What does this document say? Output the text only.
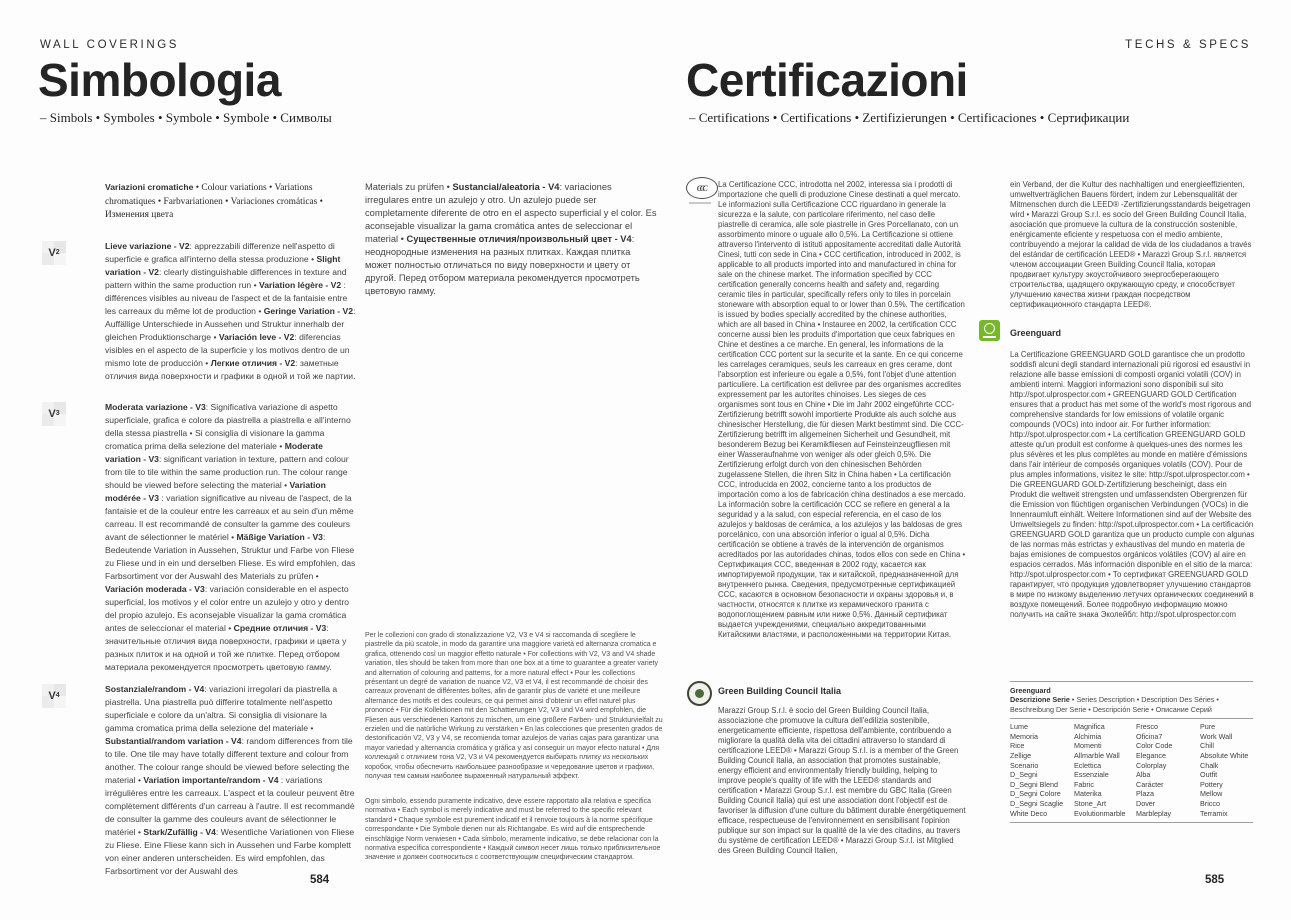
WALL COVERINGS
Simbologia
– Simbols • Symboles • Symbole • Symbole • Символы
Variazioni cromatiche • Colour variations • Variations chromatiques • Farbvariationen • Variaciones cromáticas • Изменения цвета
V 2
Lieve variazione - V2: apprezzabili differenze nell'aspetto di superficie e grafica all'interno della stessa produzione • Slight variation - V2: clearly distinguishable differences in texture and pattern within the same production run • Variation légère - V2 : différences visibles au niveau de l'aspect et de la fantaisie entre les carreaux du même lot de production • Geringe Variation - V2: Auffällige Unterschiede in Aussehen und Struktur innerhalb der gleichen Produktionscharge • Variación leve - V2: diferencias visibles en el aspecto de la superficie y los motivos dentro de un mismo lote de producción • Легкие отличия - V2: заметные отличия вида поверхности и графики в одной и той же партии.
V 3
Moderata variazione - V3: Significativa variazione di aspetto superficiale, grafica e colore da piastrella a piastrella e all'interno della stessa piastrella • Si consiglia di visionare la gamma cromatica prima della selezione del materiale • Moderate variation - V3: significant variation in texture, pattern and colour from tile to tile within the same production run. The colour range should be viewed before selecting the material • Variation modérée - V3 : variation significative au niveau de l'aspect, de la fantaisie et de la couleur entre les carreaux et au sein d'un même carreau. Il est recommandé de consulter la gamme des couleurs avant de sélectionner le matériel • Mäßige Variation - V3: Bedeutende Variation in Aussehen, Struktur und Farbe von Fliese zu Fliese und in ein und derselben Fliese. Es wird empfohlen, das Farbsortiment vor der Auswahl des Materials zu prüfen • Variación moderada - V3: variación considerable en el aspecto superficial, los motivos y el color entre un azulejo y otro y dentro del propio azulejo. Es aconsejable visualizar la gama cromática antes de seleccionar el material • Средние отличия - V3: значительные отличия вида поверхности, графики и цвета у разных плиток и на одной и той же плитке. Перед отбором материала рекомендуется просмотреть цветовую гамму.
V 4
Sostanziale/random - V4: variazioni irregolari da piastrella a piastrella. Una piastrella può differire totalmente nell'aspetto superficiale e colore da un'altra. Si consiglia di visionare la gamma cromatica prima della selezione del materiale • Substantial/random variation - V4: random differences from tile to tile. One tile may have totally different texture and colour from another. The colour range should be viewed before selecting the material • Variation importante/random - V4 : variations irrégulières entre les carreaux. L'aspect et la couleur peuvent être complètement différents d'un carreau à l'autre. Il est recommandé de consulter la gamme des couleurs avant de sélectionner le matériel • Stark/Zufällig - V4: Wesentliche Variationen von Fliese zu Fliese. Eine Fliese kann sich in Aussehen und Farbe komplett von einer anderen unterscheiden. Es wird empfohlen, das Farbsortiment vor der Auswahl des
Materials zu prüfen • Sustancial/aleatoria - V4: variaciones irregulares entre un azulejo y otro. Un azulejo puede ser completamente diferente de otro en el aspecto superficial y el color. Es aconsejable visualizar la gama cromática antes de seleccionar el material • Существенные отличия/произвольный цвет - V4: неоднородные изменения на разных плитках. Каждая плитка может полностью отличаться по виду поверхности и цвету от другой. Перед отбором материала рекомендуется просмотреть цветовую гамму.
Per le collezioni con grado di stonalizzazione V2, V3 e V4 si raccomanda di scegliere le piastrelle da più scatole, in modo da garantire una maggiore varietà ed alternanza cromatica e grafica, ottenendo così un maggior effetto naturale • For collections with V2, V3 and V4 shade variation, tiles should be taken from more than one box at a time to guarantee a greater variety and alternation of colouring and patterns, for a more natural effect • Pour les collections présentant un degré de variation de nuance V2, V3 et V4, il est recommandé de choisir des carreaux provenant de différentes boîtes, afin de garantir plus de variété et une meilleure alternance des motifs et des couleurs, ce qui permet ainsi d'obtenir un effet naturel plus prononcé • Für die Kollektionen mit den Schattierungen V2, V3 und V4 wird empfohlen, die Fliesen aus verschiedenen Kartons zu mischen, um eine größere Farben- und Strukturvielfalt zu erzielen und die natürliche Wirkung zu verstärken • En las colecciones que presenten grados de destonificación V2, V3 y V4, se recomienda tomar azulejos de varias cajas para garantizar una mayor variedad y alternancia cromática y gráfica y así conseguir un mayor efecto natural • Для коллекций с отличием тона V2, V3 и V4 рекомендуется выбирать плитку из нескольких коробок, чтобы обеспечить наибольшее разнообразие и чередование цветов и графики, получая тем самым наиболее выраженный натуральный эффект.
Ogni simbolo, essendo puramente indicativo, deve essere rapportato alla relativa e specifica normativa • Each symbol is merely indicative and must be referred to the specific relevant standard • Chaque symbole est purement indicatif et il renvoie toujours à la norme spécifique correspondante • Die Symbole dienen nur als Richtangabe. Es wird auf die entsprechende einschlägige Norm verwiesen • Cada símbolo, meramente indicativo, se debe relacionar con la normativa específica correspondiente • Каждый символ несет лишь только приблизительное значение и должен соотноситься с соответствующим специфическим стандартом.
584
TECHS & SPECS
Certificazioni
– Certifications • Certifications • Zertifizierungen • Certificaciones • Сертификации
CCC La Certificazione CCC, introdotta nel 2002, interessa sia i prodotti di importazione che quelli di produzione Cinese destinati a quel mercato. Le informazioni sulla Certificazione CCC riguardano in generale la sicurezza e la salute, con particolare riferimento, nel caso delle piastrelle di ceramica, alle sole piastrelle in Gres Porcellanato, con un assorbimento minore o uguale allo 0,5%. La Certificazione si ottiene attraverso l'intervento di istituti appositamente accreditati dalle Autorità Cinesi, tutti con sede in Cina • CCC certification, introduced in 2002, is applicable to all products imported into and manufactured in china for sale on the chinese market. The information specified by CCC certification generally concerns health and safety and, regarding ceramic tiles in particular, specifically refers only to tiles in porcelain stoneware with absorption equal to or lower than 0.5%. The certification is issued by bodies specially accredited by the chinese authorities, which are all based in China • Instauree en 2002, la certification CCC concerne aussi bien les produits d'importation que ceux fabriques en Chine et destines a ce marche. En general, les informations de la certification CCC portent sur la securite et la sante. En ce qui concerne les carrelages ceramiques, seuls les carreaux en gres cerame, dont l'absorption est inferieure ou egale a 0,5%, font l'objet d'une attention particuliere. La certification est delivree par des organismes accredites expressement par les autorites chinoises. Les sieges de ces organismes sont tous en Chine • Die im Jahr 2002 eingeführte CCC-Zertifizierung betrifft sowohl importierte Produkte als auch solche aus chinesischer Herstellung, die für diesen Markt bestimmt sind. Die CCC-Zertifizierung betrifft im allgemeinen Sicherheit und Gesundheit, mit besonderem Bezug bei Keramikfliesen auf Feinsteinzeugfliesen mit einer Wasseraufnahme von weniger als oder gleich 0,5%. Die Zertifizierung erfolgt durch von den chinesischen Behörden zugelassene Stellen, die ihren Sitz in China haben • La certificación CCC, introducida en 2002, concierne tanto a los productos de importación como a los de fabricación china destinados a ese mercado. La información sobre la certificación CCC se refiere en general a la seguridad y a la salud, con especial referencia, en el caso de los azulejos y baldosas de cerámica, a los azulejos y las baldosas de gres porcelánico, con una absorción inferior o igual al 0,5%. Dicha certificación se obtiene a través de la intervención de organismos acreditados por las autoridades chinas, todos ellos con sede en China • Сертификация ССС, введенная в 2002 году, касается как импортируемой продукции, так и китайской, предназначенной для внутреннего рынка. Сведения, предусмотренные сертификацией ССС, касаются в основном безопасности и охраны здоровья и, в частности, относятся к плитке из керамического гранита с водопоглощением равным или ниже 0,5%. Данный сертификат выдается учреждениями, специально аккредитованными Китайскими властями, и расположенными на территории Китая.
Green Building Council Italia
Marazzi Group S.r.l. è socio del Green Building Council Italia, associazione che promuove la cultura dell'edilizia sostenibile, energeticamente efficiente, rispettosa dell'ambiente, contribuendo a migliorare la qualità della vita dei cittadini attraverso lo standard di certificazione LEED® • Marazzi Group S.r.l. is a member of the Green Building Council Italia, an association that promotes sustainable, energy efficient and environmentally friendly building, helping to improve people's quality of life with the LEED® standards and certification • Marazzi Group S.r.l. est membre du GBC Italia (Green Building Council Italia) qui est une association dont l'objectif est de favoriser la diffusion d'une culture du bâtiment durable énergétiquement efficace, respectueuse de l'environnement en sensibilisant l'opinion publique sur son impact sur la qualité de la vie des citadins, au travers du système de certification LEED® • Marazzi Group S.r.l. ist Mitglied des Green Building Council Italien,
ein Verband, der die Kultur des nachhaltigen und energieeffizienten, umweltverträglichen Bauens fördert, indem zur Lebensqualität der Mitmenschen durch die LEED® -Zertifizierungsstandards beigetragen wird • Marazzi Group S.r.l. es socio del Green Building Council Italia, asociación que promueve la cultura de la construcción sostenible, enérgicamente eficiente y respetuosa con el medio ambiente, contribuyendo a mejorar la calidad de vida de los ciudadanos a través del estándar de certificación LEED® • Marazzi Group S.r.l. является членом ассоциации Green Building Council Italia, которая продвигает культуру экоустойчивого энергосберегающего строительства, щадящего окружающую среду, и способствует улучшению качества жизни граждан посредством сертификационного стандарта LEED®.
Greenguard
La Certificazione GREENGUARD GOLD garantisce che un prodotto soddisfi alcuni degli standard internazionali più rigorosi ed esaustivi in relazione alle basse emissioni di composti organici volatili (COV) in ambienti interni. Maggiori informazioni sono disponibili sul sito http://spot.ulprospector.com • GREENGUARD GOLD Certification ensures that a product has met some of the world's most rigorous and comprehensive standards for low emissions of volatile organic compounds (VOCs) into indoor air. For further information: http://spot.ulprospector.com • La certification GREENGUARD GOLD atteste qu'un produit est conforme à quelques-unes des normes les plus sévères et les plus complètes au monde en matière d'émissions dans l'air intérieur de composés organiques volatils (COV). Pour de plus amples informations, visitez le site: http://spot.ulprospector.com • Die GREENGUARD GOLD-Zertifizierung bescheinigt, dass ein Produkt die weltweit strengsten und umfassendsten Obergrenzen für die Emission von flüchtigen organischen Verbindungen (VOCs) in die Innenraumluft einhält. Weitere Informationen sind auf der Website des Umweltsiegels zu finden: http://spot.ulprospector.com • La certificación GREENGUARD GOLD garantiza que un producto cumple con algunas de las normas más estrictas y exhaustivas del mundo en materia de bajas emisiones de compuestos orgánicos volátiles (COV) al aire en espacios cerrados. Más información disponible en el sitio de la marca: http://spot.ulprospector.com • То сертификат GREENGUARD GOLD гарантирует, что продукция удовлетворяет улучшению стандартов в мире по низкому выделению летучих органических соединений в воздухе помещений. Более подробную информацию можно получить на сайте знака Эколейбл: http://spot.ulprospector.com
Greenguard
Descrizione Serie • Series Description • Description Des Séries • Beschreibung Der Serie • Descripción Serie • Описание Серий
Lume	Magnifica	Fresco	Pure
Memoria	Alchimia	Oficina7	Work Wall
Rice	Momenti	Color Code	Chill
Zellige	Allmarble Wall	Elegance	Absolute White
Scenario	Eclettica	Colorplay	Chalk
D_Segni	Essenziale	Alba	Outfit
D_Segni Blend	Fabric	Carácter	Pottery
D_Segni Colore	Materika	Plaza	Mellow
D_Segni Scaglie	Stone_Art	Dover	Bricco
White Deco	Evolutionmarble	Marbleplay	Terramix
585
